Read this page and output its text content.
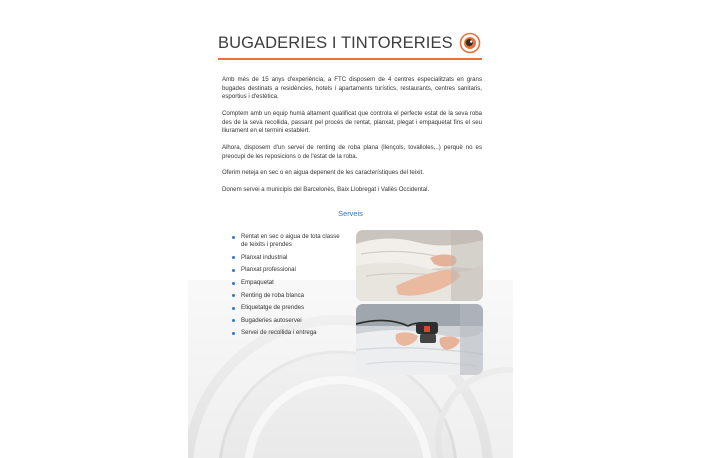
BUGADERIES I TINTORERIES

Amb més de 15 anys d'experiència, a FTC disposem de 4 centres especialitzats en grans bugades destinats a residències, hotels i apartaments turístics, restaurants, centres sanitaris, esportius i d'estètica.

Comptem amb un equip humà altament qualificat que controla el perfecte estat de la seva roba des de la seva recollida, passant pel procés de rentat, planxat, plegat i empaquetat fins el seu lliurament en el termini establert.

Alhora, disposem d'un servei de renting de roba plana (llençols, tovalloles,..) perquè no es preocupi de les reposicions o de l'estat de la roba.

Oferim neteja en sec o en aigua depenent de les característiques del teixit.

Donem servei a municipis del Barcelonès, Baix Llobregat i Vallès Occidental.

Serveis
Rentat en sec o aigua de tota classe de teixits i prendes
Planxat industrial
Planxat professional
Empaquetat
Renting de roba blanca
Etiquetatge de prendes
Bugaderies autoservei
Servei de recollida i entrega
